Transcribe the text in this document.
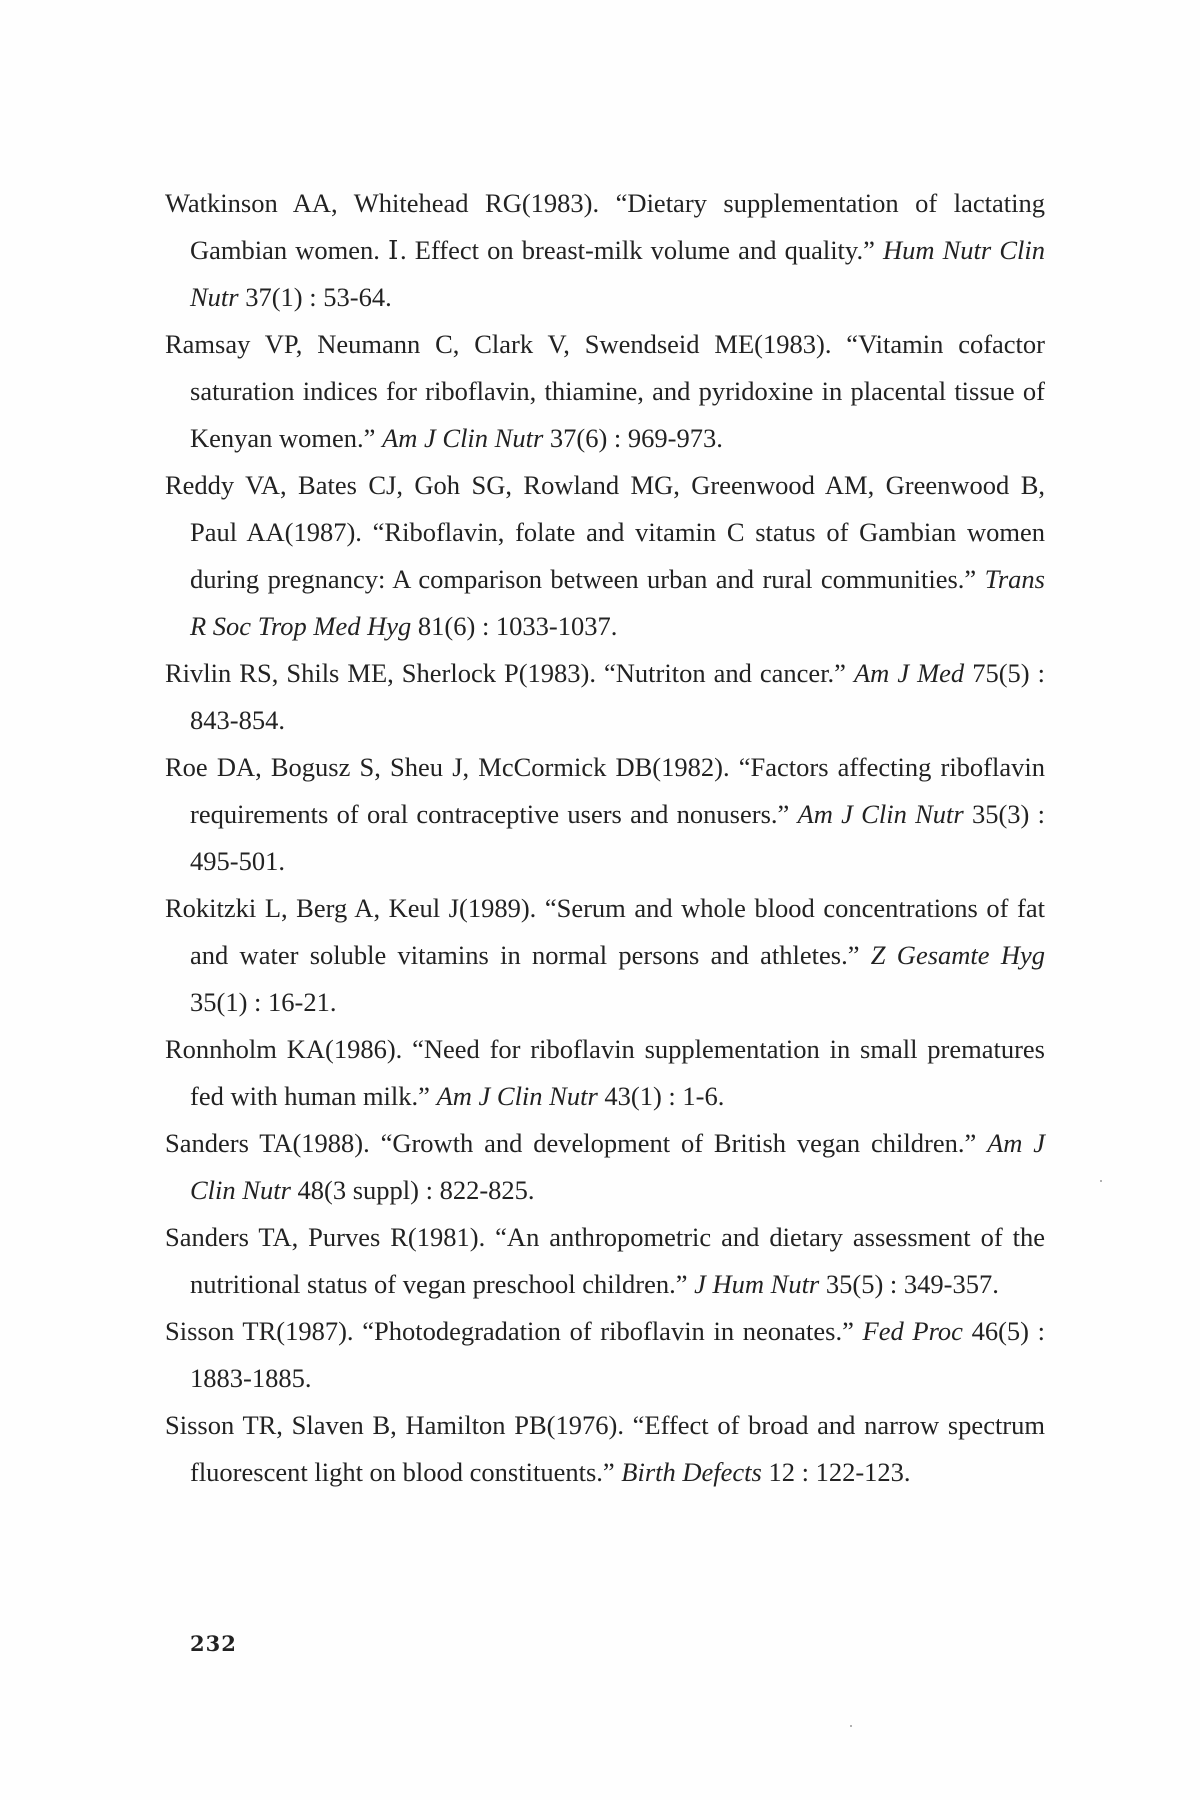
Watkinson AA, Whitehead RG(1983). “Dietary supplementation of lactating Gambian women. Ⅰ. Effect on breast-milk volume and quality.” Hum Nutr Clin Nutr 37(1) : 53-64.

Ramsay VP, Neumann C, Clark V, Swendseid ME(1983). “Vitamin cofactor saturation indices for riboflavin, thiamine, and pyridoxine in placental tissue of Kenyan women.” Am J Clin Nutr 37(6) : 969-973.

Reddy VA, Bates CJ, Goh SG, Rowland MG, Greenwood AM, Greenwood B, Paul AA(1987). “Riboflavin, folate and vitamin C status of Gambian women during pregnancy: A comparison between urban and rural communities.” Trans R Soc Trop Med Hyg 81(6) : 1033-1037.

Rivlin RS, Shils ME, Sherlock P(1983). “Nutriton and cancer.” Am J Med 75(5) : 843-854.

Roe DA, Bogusz S, Sheu J, McCormick DB(1982). “Factors affecting riboflavin requirements of oral contraceptive users and nonusers.” Am J Clin Nutr 35(3) : 495-501.

Rokitzki L, Berg A, Keul J(1989). “Serum and whole blood concentrations of fat and water soluble vitamins in normal persons and athletes.” Z Gesamte Hyg 35(1) : 16-21.

Ronnholm KA(1986). “Need for riboflavin supplementation in small prematures fed with human milk.” Am J Clin Nutr 43(1) : 1-6.

Sanders TA(1988). “Growth and development of British vegan children.” Am J Clin Nutr 48(3 suppl) : 822-825.

Sanders TA, Purves R(1981). “An anthropometric and dietary assessment of the nutritional status of vegan preschool children.” J Hum Nutr 35(5) : 349-357.

Sisson TR(1987). “Photodegradation of riboflavin in neonates.” Fed Proc 46(5) : 1883-1885.

Sisson TR, Slaven B, Hamilton PB(1976). “Effect of broad and narrow spectrum fluorescent light on blood constituents.” Birth Defects 12 : 122-123.

232
